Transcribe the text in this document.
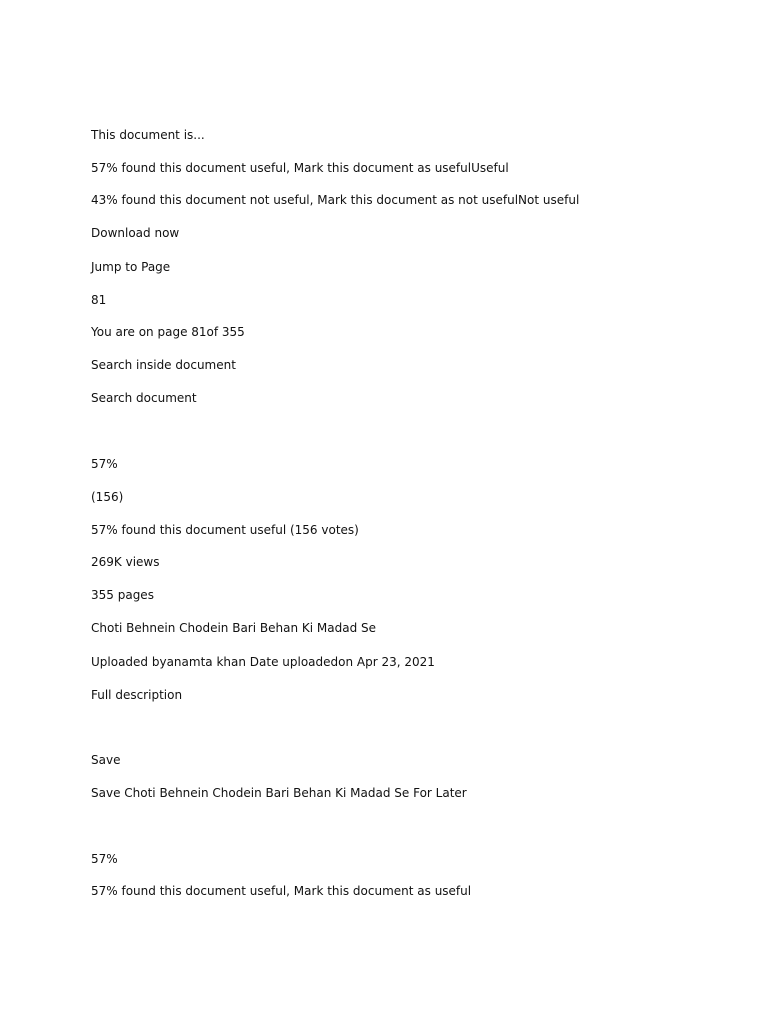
This document is...

57% found this document useful, Mark this document as usefulUseful

43% found this document not useful, Mark this document as not usefulNot useful

Download now

Jump to Page

81

You are on page 81of 355

Search inside document

Search document

57%

(156)

57% found this document useful (156 votes)

269K views

355 pages

Choti Behnein Chodein Bari Behan Ki Madad Se

Uploaded byanamta khan Date uploadedon Apr 23, 2021

Full description

Save

Save Choti Behnein Chodein Bari Behan Ki Madad Se For Later

57%

57% found this document useful, Mark this document as useful
